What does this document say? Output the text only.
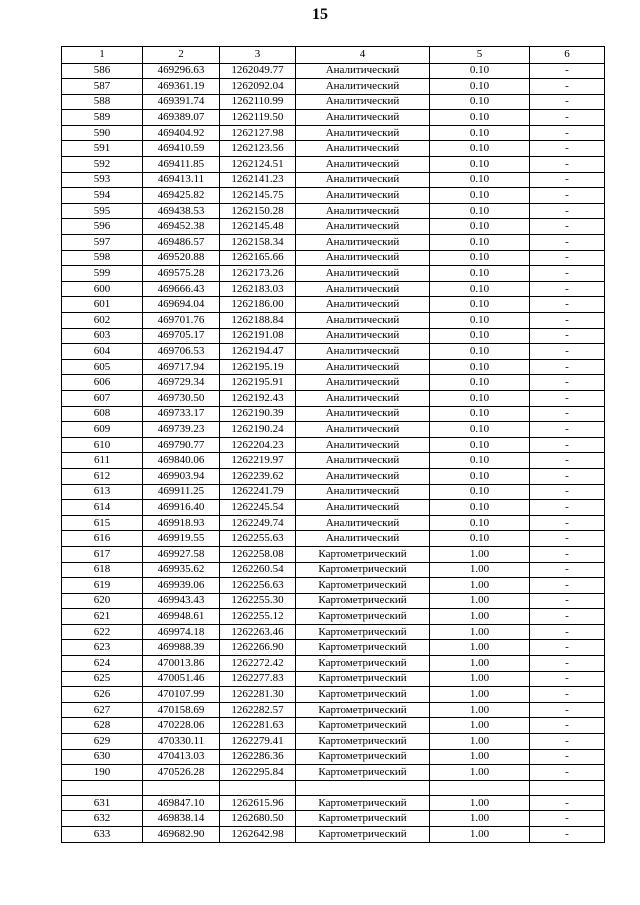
15
1	2	3	4	5	6
586	469296.63	1262049.77	Аналитический	0.10	-
587	469361.19	1262092.04	Аналитический	0.10	-
588	469391.74	1262110.99	Аналитический	0.10	-
589	469389.07	1262119.50	Аналитический	0.10	-
590	469404.92	1262127.98	Аналитический	0.10	-
591	469410.59	1262123.56	Аналитический	0.10	-
592	469411.85	1262124.51	Аналитический	0.10	-
593	469413.11	1262141.23	Аналитический	0.10	-
594	469425.82	1262145.75	Аналитический	0.10	-
595	469438.53	1262150.28	Аналитический	0.10	-
596	469452.38	1262145.48	Аналитический	0.10	-
597	469486.57	1262158.34	Аналитический	0.10	-
598	469520.88	1262165.66	Аналитический	0.10	-
599	469575.28	1262173.26	Аналитический	0.10	-
600	469666.43	1262183.03	Аналитический	0.10	-
601	469694.04	1262186.00	Аналитический	0.10	-
602	469701.76	1262188.84	Аналитический	0.10	-
603	469705.17	1262191.08	Аналитический	0.10	-
604	469706.53	1262194.47	Аналитический	0.10	-
605	469717.94	1262195.19	Аналитический	0.10	-
606	469729.34	1262195.91	Аналитический	0.10	-
607	469730.50	1262192.43	Аналитический	0.10	-
608	469733.17	1262190.39	Аналитический	0.10	-
609	469739.23	1262190.24	Аналитический	0.10	-
610	469790.77	1262204.23	Аналитический	0.10	-
611	469840.06	1262219.97	Аналитический	0.10	-
612	469903.94	1262239.62	Аналитический	0.10	-
613	469911.25	1262241.79	Аналитический	0.10	-
614	469916.40	1262245.54	Аналитический	0.10	-
615	469918.93	1262249.74	Аналитический	0.10	-
616	469919.55	1262255.63	Аналитический	0.10	-
617	469927.58	1262258.08	Картометрический	1.00	-
618	469935.62	1262260.54	Картометрический	1.00	-
619	469939.06	1262256.63	Картометрический	1.00	-
620	469943.43	1262255.30	Картометрический	1.00	-
621	469948.61	1262255.12	Картометрический	1.00	-
622	469974.18	1262263.46	Картометрический	1.00	-
623	469988.39	1262266.90	Картометрический	1.00	-
624	470013.86	1262272.42	Картометрический	1.00	-
625	470051.46	1262277.83	Картометрический	1.00	-
626	470107.99	1262281.30	Картометрический	1.00	-
627	470158.69	1262282.57	Картометрический	1.00	-
628	470228.06	1262281.63	Картометрический	1.00	-
629	470330.11	1262279.41	Картометрический	1.00	-
630	470413.03	1262286.36	Картометрический	1.00	-
190	470526.28	1262295.84	Картометрический	1.00	-

631	469847.10	1262615.96	Картометрический	1.00	-
632	469838.14	1262680.50	Картометрический	1.00	-
633	469682.90	1262642.98	Картометрический	1.00	-
